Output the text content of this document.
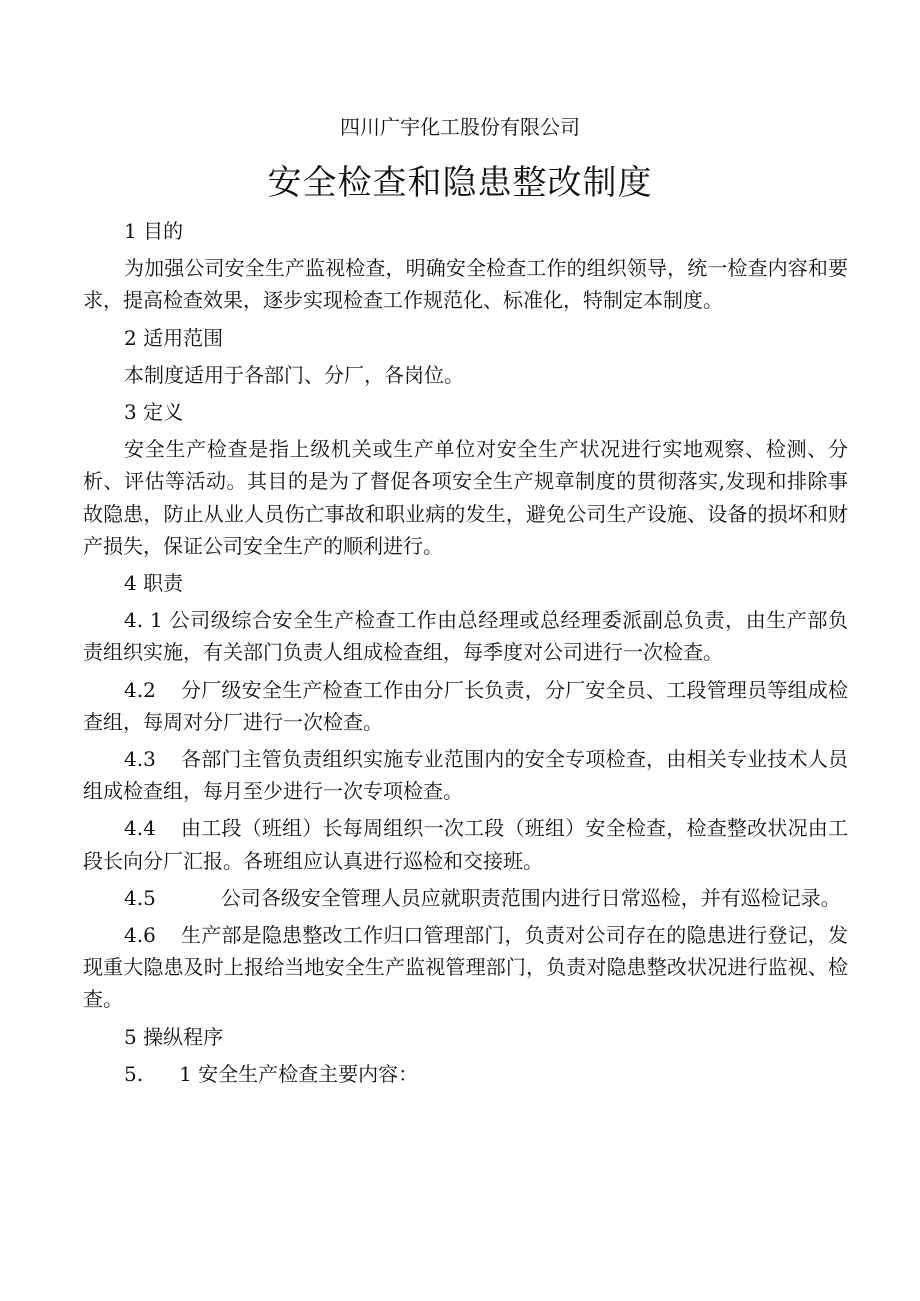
四川广宇化工股份有限公司
安全检查和隐患整改制度

1 目的

为加强公司安全生产监视检查，明确安全检查工作的组织领导，统一检查内容和要求，提高检查效果，逐步实现检查工作规范化、标准化，特制定本制度。

2 适用范围

本制度适用于各部门、分厂，各岗位。

3 定义

安全生产检查是指上级机关或生产单位对安全生产状况进行实地观察、检测、分析、评估等活动。其目的是为了督促各项安全生产规章制度的贯彻落实,发现和排除事故隐患，防止从业人员伤亡事故和职业病的发生，避免公司生产设施、设备的损坏和财产损失，保证公司安全生产的顺利进行。

4 职责

4. 1 公司级综合安全生产检查工作由总经理或总经理委派副总负责，由生产部负责组织实施，有关部门负责人组成检查组，每季度对公司进行一次检查。

4.2 分厂级安全生产检查工作由分厂长负责，分厂安全员、工段管理员等组成检查组，每周对分厂进行一次检查。

4.3 各部门主管负责组织实施专业范围内的安全专项检查，由相关专业技术人员组成检查组，每月至少进行一次专项检查。

4.4 由工段（班组）长每周组织一次工段（班组）安全检查，检查整改状况由工段长向分厂汇报。各班组应认真进行巡检和交接班。

4.5	公司各级安全管理人员应就职责范围内进行日常巡检，并有巡检记录。

4.6 生产部是隐患整改工作归口管理部门，负责对公司存在的隐患进行登记，发现重大隐患及时上报给当地安全生产监视管理部门，负责对隐患整改状况进行监视、检查。

5 操纵程序

5. 1 安全生产检查主要内容：
